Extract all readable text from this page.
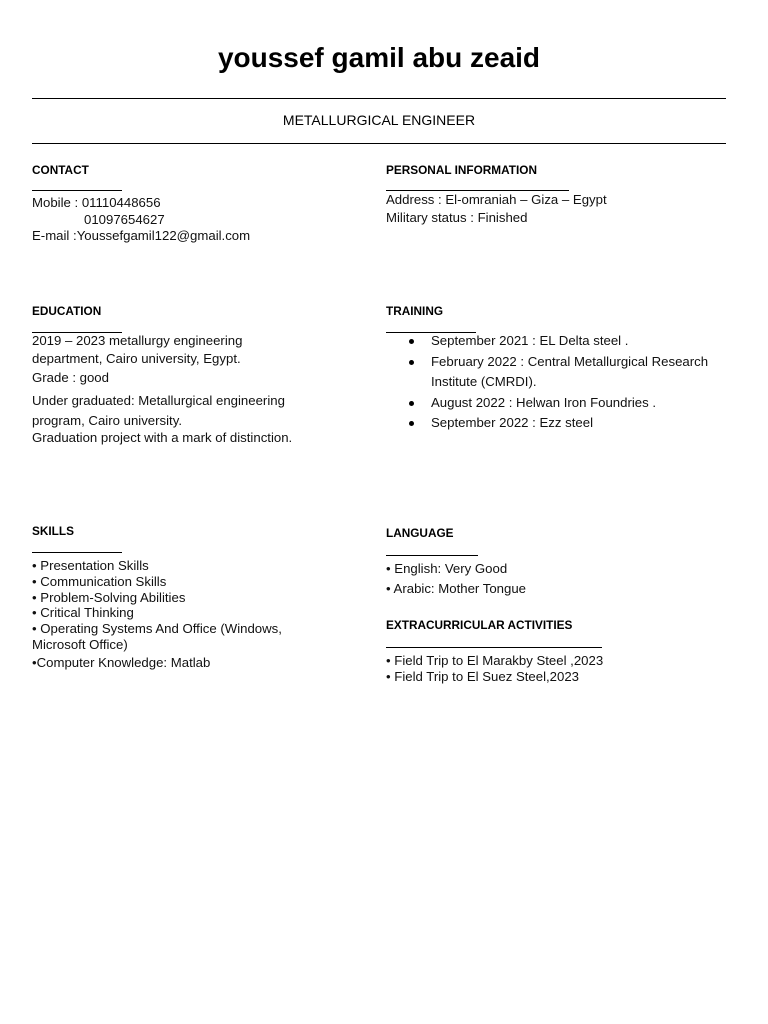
youssef gamil abu zeaid
METALLURGICAL ENGINEER
CONTACT
Mobile : 01110448656
01097654627
E-mail :Youssefgamil122@gmail.com
PERSONAL INFORMATION
Address : El-omraniah – Giza – Egypt
Military status : Finished
EDUCATION
2019 – 2023 metallurgy engineering
department, Cairo university, Egypt.
Grade : good
Under graduated: Metallurgical engineering
program, Cairo university.
Graduation project with a mark of distinction.
TRAINING
September 2021 : EL Delta steel .
February 2022 : Central Metallurgical Research
Institute (CMRDI).
August 2022 : Helwan Iron Foundries .
September 2022 : Ezz steel
SKILLS
• Presentation Skills
• Communication Skills
• Problem-Solving Abilities
• Critical Thinking
• Operating Systems And Office (Windows,
Microsoft Office)
•Computer Knowledge: Matlab
LANGUAGE
• English: Very Good
• Arabic: Mother Tongue
EXTRACURRICULAR ACTIVITIES
• Field Trip to El Marakby Steel ,2023
• Field Trip to El Suez Steel,2023
